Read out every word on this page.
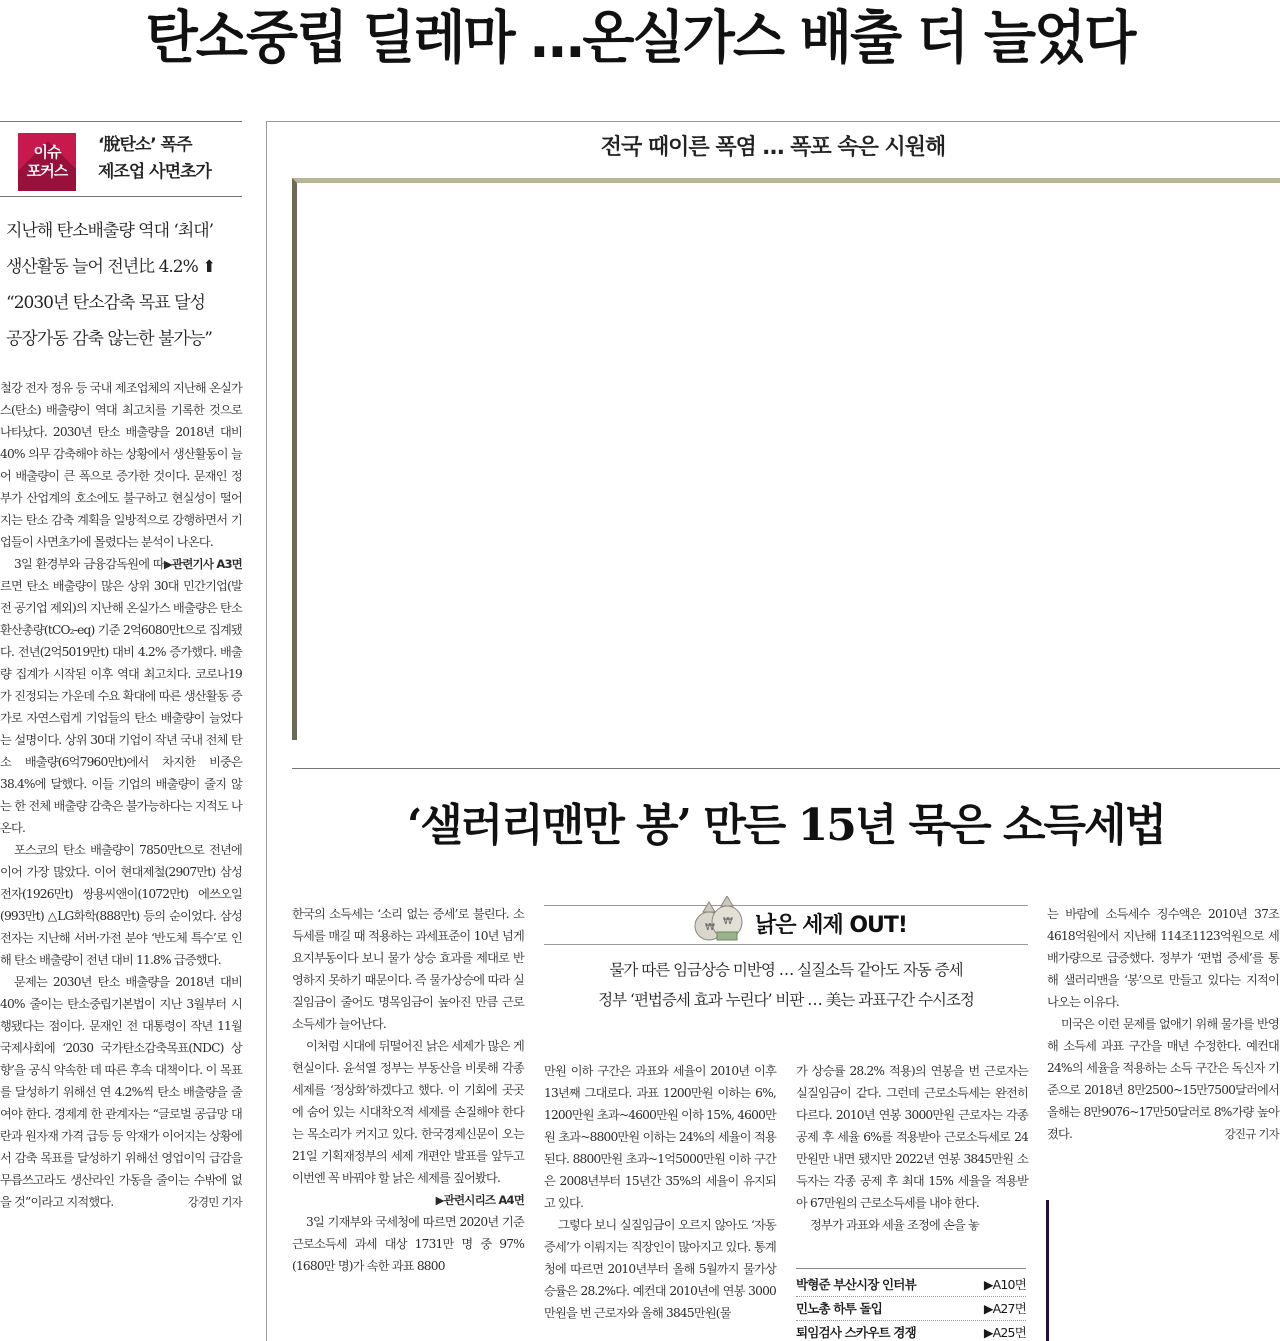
탄소중립 딜레마 …온실가스 배출 더 늘었다
이슈
포커스
‘脫탄소’ 폭주
제조업 사면초가
지난해 탄소배출량 역대 ‘최대’
생산활동 늘어 전년比 4.2% ⬆
“2030년 탄소감축 목표 달성
공장가동 감축 않는한 불가능”

철강 전자 정유 등 국내 제조업체의 지난해 온실가스(탄소) 배출량이 역대 최고치를 기록한 것으로 나타났다. 2030년 탄소 배출량을 2018년 대비 40% 의무 감축해야 하는 상황에서 생산활동이 늘어 배출량이 큰 폭으로 증가한 것이다. 문재인 정부가 산업계의 호소에도 불구하고 현실성이 떨어지는 탄소 감축 계획을 일방적으로 강행하면서 기업들이 사면초가에 몰렸다는 분석이 나온다.
▶관련기사 A3면

3일 환경부와 금융감독원에 따르면 탄소 배출량이 많은 상위 30대 민간기업(발전 공기업 제외)의 지난해 온실가스 배출량은 탄소 환산총량(tCO₂-eq) 기준 2억6080만t으로 집계됐다. 전년(2억5019만t) 대비 4.2% 증가했다. 배출량 집계가 시작된 이후 역대 최고치다. 코로나19가 진정되는 가운데 수요 확대에 따른 생산활동 증가로 자연스럽게 기업들의 탄소 배출량이 늘었다는 설명이다. 상위 30대 기업이 작년 국내 전체 탄소 배출량(6억7960만t)에서 차지한 비중은 38.4%에 달했다. 이들 기업의 배출량이 줄지 않는 한 전체 배출량 감축은 불가능하다는 지적도 나온다.

포스코의 탄소 배출량이 7850만t으로 전년에 이어 가장 많았다. 이어 현대제철(2907만t) 삼성전자(1926만t) 쌍용씨앤이(1072만t) 에쓰오일(993만t) △LG화학(888만t) 등의 순이었다. 삼성전자는 지난해 서버·가전 분야 ‘반도체 특수’로 인해 탄소 배출량이 전년 대비 11.8% 급증했다.

문제는 2030년 탄소 배출량을 2018년 대비 40% 줄이는 탄소중립기본법이 지난 3월부터 시행됐다는 점이다. 문재인 전 대통령이 작년 11월 국제사회에 ‘2030 국가탄소감축목표(NDC) 상향’을 공식 약속한 데 따른 후속 대책이다. 이 목표를 달성하기 위해선 연 4.2%씩 탄소 배출량을 줄여야 한다. 경제계 한 관계자는 “글로벌 공급망 대란과 원자재 가격 급등 등 악재가 이어지는 상황에서 감축 목표를 달성하기 위해선 영업이익 급감을 무릅쓰고라도 생산라인 가동을 줄이는 수밖에 없을 것”이라고 지적했다.	강경민 기자

전국 때이른 폭염 … 폭포 속은 시원해
‘샐러리맨만 봉’ 만든 15년 묵은 소득세법

한국의 소득세는 ‘소리 없는 증세’로 불린다. 소득세를 매길 때 적용하는 과세표준이 10년 넘게 요지부동이다 보니 물가 상승 효과를 제대로 반영하지 못하기 때문이다. 즉 물가상승에 따라 실질임금이 줄어도 명목임금이 높아진 만큼 근로소득세가 늘어난다.

이처럼 시대에 뒤떨어진 낡은 세제가 많은 게 현실이다. 윤석열 정부는 부동산을 비롯해 각종 세제를 ‘정상화’하겠다고 했다. 이 기회에 곳곳에 숨어 있는 시대착오적 세제를 손질해야 한다는 목소리가 커지고 있다. 한국경제신문이 오는 21일 기획재정부의 세제 개편안 발표를 앞두고 이번엔 꼭 바꿔야 할 낡은 세제를 짚어봤다.

▶관련시리즈 A4면

3일 기재부와 국세청에 따르면 2020년 기준 근로소득세 과세 대상 1731만 명 중 97%(1680만 명)가 속한 과표 8800

₩
₩ 낡은 세제 OUT!
물가 따른 임금상승 미반영 … 실질소득 같아도 자동 증세
정부 ‘편법증세 효과 누린다’ 비판 … 美는 과표구간 수시조정

만원 이하 구간은 과표와 세율이 2010년 이후 13년째 그대로다. 과표 1200만원 이하는 6%, 1200만원 초과~4600만원 이하 15%, 4600만원 초과~8800만원 이하는 24%의 세율이 적용된다. 8800만원 초과~1억5000만원 이하 구간은 2008년부터 15년간 35%의 세율이 유지되고 있다.

그렇다 보니 실질임금이 오르지 않아도 ‘자동 증세’가 이뤄지는 직장인이 많아지고 있다. 통계청에 따르면 2010년부터 올해 5월까지 물가상승률은 28.2%다. 예컨대 2010년에 연봉 3000만원을 번 근로자와 올해 3845만원(물

가 상승률 28.2% 적용)의 연봉을 번 근로자는 실질임금이 같다. 그런데 근로소득세는 완전히 다르다. 2010년 연봉 3000만원 근로자는 각종 공제 후 세율 6%를 적용받아 근로소득세로 24만원만 내면 됐지만 2022년 연봉 3845만원 소득자는 각종 공제 후 최대 15% 세율을 적용받아 67만원의 근로소득세를 내야 한다.

정부가 과표와 세율 조정에 손을 놓

박형준 부산시장 인터뷰	▶A10면
민노총 하투 돌입	▶A27면
퇴임검사 스카우트 경쟁	▶A25면

는 바람에 소득세수 징수액은 2010년 37조4618억원에서 지난해 114조1123억원으로 세 배가량으로 급증했다. 정부가 ‘편법 증세’를 통해 샐러리맨을 ‘봉’으로 만들고 있다는 지적이 나오는 이유다.

미국은 이런 문제를 없애기 위해 물가를 반영해 소득세 과표 구간을 매년 수정한다. 예컨대 24%의 세율을 적용하는 소득 구간은 독신자 기준으로 2018년 8만2500~15만7500달러에서 올해는 8만9076~17만50달러로 8%가량 높아졌다.	강진규 기자
